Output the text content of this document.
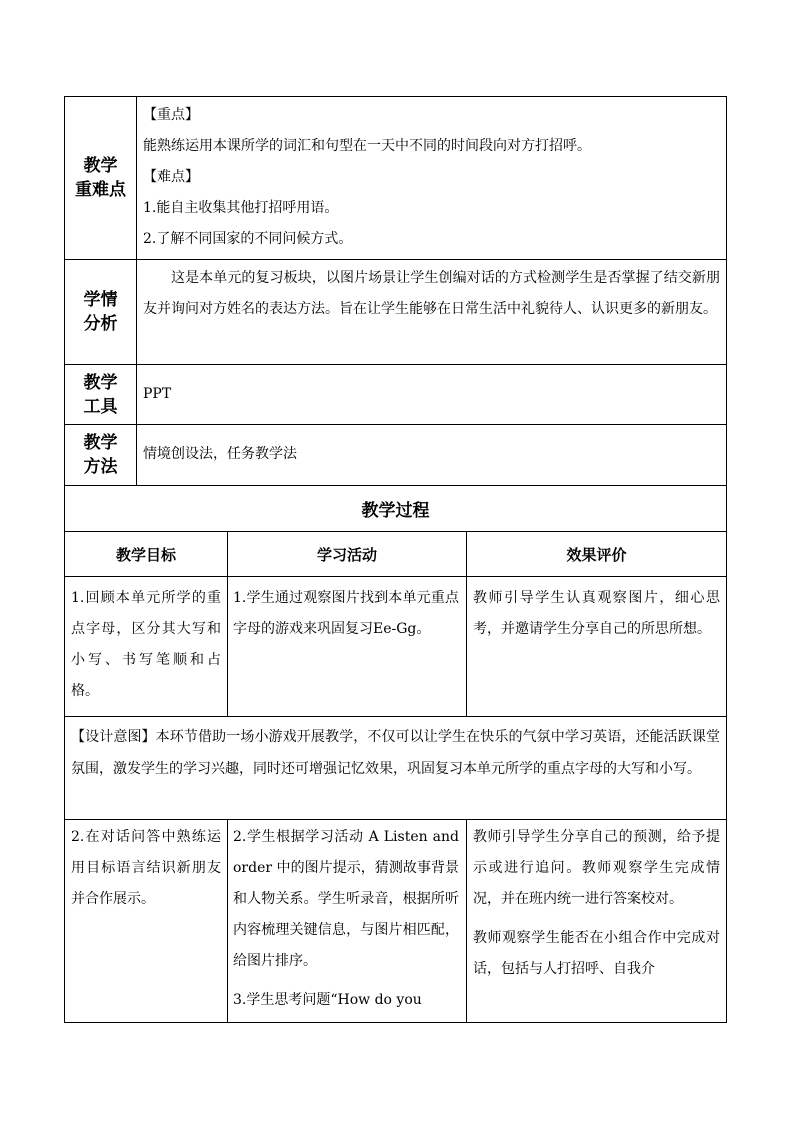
教学
重难点

【重点】

能熟练运用本课所学的词汇和句型在一天中不同的时间段向对方打招呼。

【难点】

1.能自主收集其他打招呼用语。

2.了解不同国家的不同问候方式。

学情
分析

这是本单元的复习板块，以图片场景让学生创编对话的方式检测学生是否掌握了结交新朋友并询问对方姓名的表达方法。旨在让学生能够在日常生活中礼貌待人、认识更多的新朋友。

教学
工具
PPT
教学
方法
情境创设法，任务教学法
教学过程
教学目标	学习活动	效果评价
1.回顾本单元所学的重点字母，区分其大写和小写、书写笔顺和占格。
1.学生通过观察图片找到本单元重点字母的游戏来巩固复习Ee-Gg。
教师引导学生认真观察图片，细心思考，并邀请学生分享自己的所思所想。
【设计意图】本环节借助一场小游戏开展教学，不仅可以让学生在快乐的气氛中学习英语，还能活跃课堂氛围，激发学生的学习兴趣，同时还可增强记忆效果，巩固复习本单元所学的重点字母的大写和小写。
2.在对话问答中熟练运用目标语言结识新朋友并合作展示。

2.学生根据学习活动 A Listen and order 中的图片提示，猜测故事背景和人物关系。学生听录音，根据所听内容梳理关键信息，与图片相匹配，给图片排序。

3.学生思考问题“How do you

教师引导学生分享自己的预测，给予提示或进行追问。教师观察学生完成情况，并在班内统一进行答案校对。

教师观察学生能否在小组合作中完成对话，包括与人打招呼、自我介
